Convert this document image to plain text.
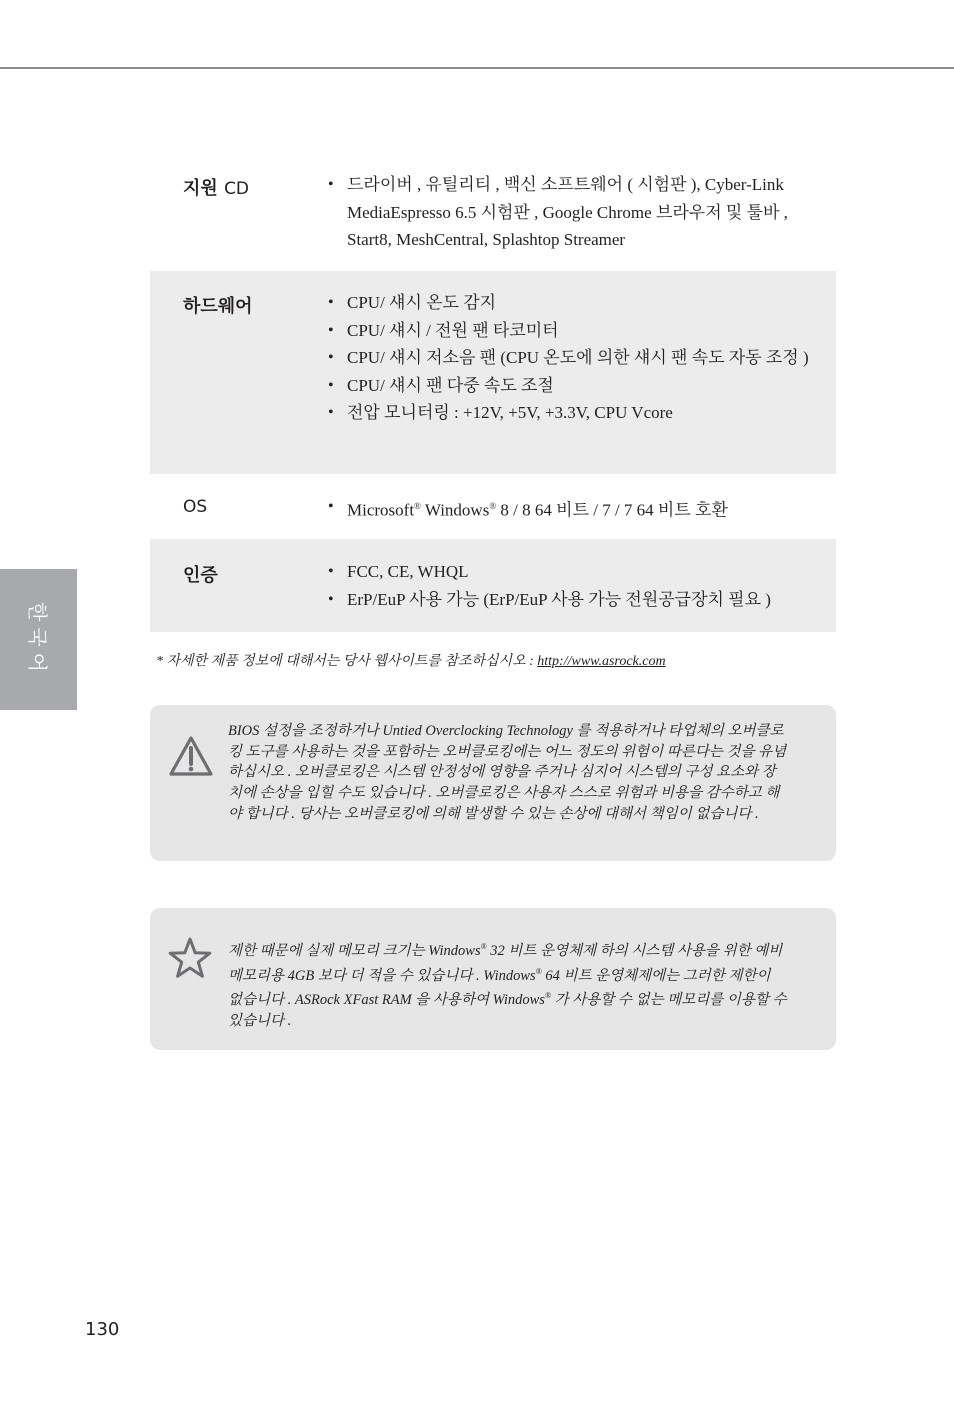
한국어
지원 CD	• 드라이버 , 유틸리티 , 백신 소프트웨어 ( 시험판 ), Cyber-Link MediaEspresso 6.5 시험판 , Google Chrome 브라우저 및 툴바 , Start8, MeshCentral, Splashtop Streamer
하드웨어	• CPU/ 섀시 온도 감지
• CPU/ 섀시 / 전원 팬 타코미터
• CPU/ 섀시 저소음 팬 (CPU 온도에 의한 섀시 팬 속도 자동 조정 )
• CPU/ 섀시 팬 다중 속도 조절
• 전압 모니터링 : +12V, +5V, +3.3V, CPU Vcore
OS	• Microsoft® Windows® 8 / 8 64 비트 / 7 / 7 64 비트 호환
인증	• FCC, CE, WHQL
• ErP/EuP 사용 가능 (ErP/EuP 사용 가능 전원공급장치 필요 )
* 자세한 제품 정보에 대해서는 당사 웹사이트를 참조하십시오 : http://www.asrock.com
BIOS 설정을 조정하거나 Untied Overclocking Technology 를 적용하거나 타업체의 오버클로킹 도구를 사용하는 것을 포함하는 오버클로킹에는 어느 정도의 위험이 따른다는 것을 유념하십시오 . 오버클로킹은 시스템 안정성에 영향을 주거나 심지어 시스템의 구성 요소와 장치에 손상을 입힐 수도 있습니다 . 오버클로킹은 사용자 스스로 위험과 비용을 감수하고 해야 합니다 . 당사는 오버클로킹에 의해 발생할 수 있는 손상에 대해서 책임이 없습니다 .
제한 때문에 실제 메모리 크기는 Windows® 32 비트 운영체제 하의 시스템 사용을 위한 예비 메모리용 4GB 보다 더 적을 수 있습니다 . Windows® 64 비트 운영체제에는 그러한 제한이 없습니다 . ASRock XFast RAM 을 사용하여 Windows® 가 사용할 수 없는 메모리를 이용할 수 있습니다 .
130
